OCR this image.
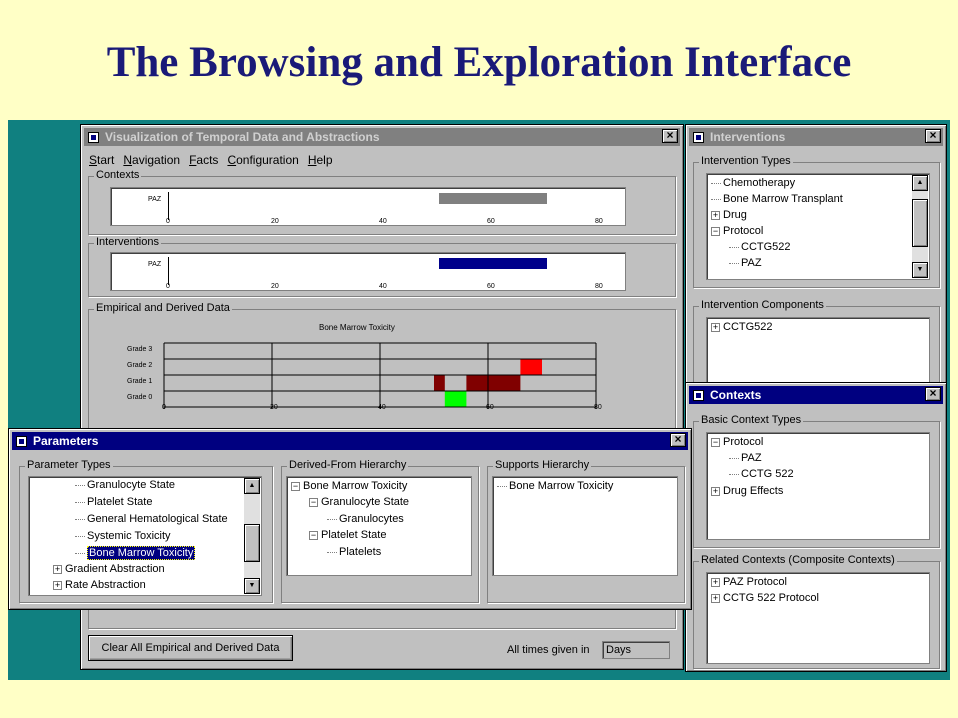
The Browsing and Exploration Interface
Visualization of Temporal Data and Abstractions	×
Start Navigation Facts Configuration Help
Contexts
PAZ
0	20	40	60	80
Interventions
PAZ
0	20	40	60	80
Empirical and Derived Data
Bone Marrow Toxicity
Grade 3
Grade 2
Grade 1
Grade 0
0	20	40	60	80
Clear All Empirical and Derived Data	All times given in	Days
Interventions	×
Intervention Types
Chemotherapy
Bone Marrow Transplant
+ Drug
− Protocol
CCTG522
PAZ
▲
▼
Intervention Components
+ CCTG522
Contexts	×
Basic Context Types
− Protocol
PAZ
CCTG 522
+ Drug Effects
Related Contexts (Composite Contexts)
+ PAZ Protocol
+ CCTG 522 Protocol
Parameters	×
Parameter Types
Granulocyte State
Platelet State
General Hematological State
Systemic Toxicity
Bone Marrow Toxicity
+ Gradient Abstraction
+ Rate Abstraction
▲
▼
Derived-From Hierarchy
− Bone Marrow Toxicity
− Granulocyte State
Granulocytes
− Platelet State
Platelets
Supports Hierarchy
Bone Marrow Toxicity
